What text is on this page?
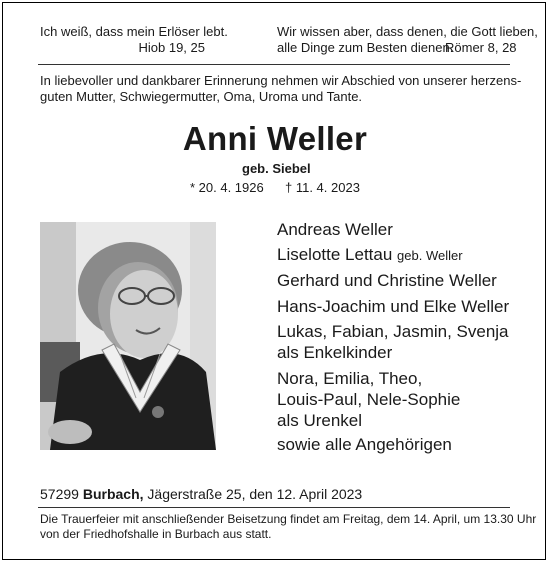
Ich weiß, dass mein Erlöser lebt.
Hiob 19, 25
Wir wissen aber, dass denen, die Gott lieben,
alle Dinge zum Besten dienen.
Römer 8, 28
In liebevoller und dankbarer Erinnerung nehmen wir Abschied von unserer herzens-
guten Mutter, Schwiegermutter, Oma, Uroma und Tante.
Anni Weller
geb. Siebel
* 20. 4. 1926 † 11. 4. 2023
Andreas Weller
Liselotte Lettau geb. Weller
Gerhard und Christine Weller
Hans-Joachim und Elke Weller
Lukas, Fabian, Jasmin, Svenja
als Enkelkinder
Nora, Emilia, Theo,
Louis-Paul, Nele-Sophie
als Urenkel
sowie alle Angehörigen
57299 Burbach, Jägerstraße 25, den 12. April 2023
Die Trauerfeier mit anschließender Beisetzung findet am Freitag, dem 14. April, um 13.30 Uhr
von der Friedhofshalle in Burbach aus statt.
